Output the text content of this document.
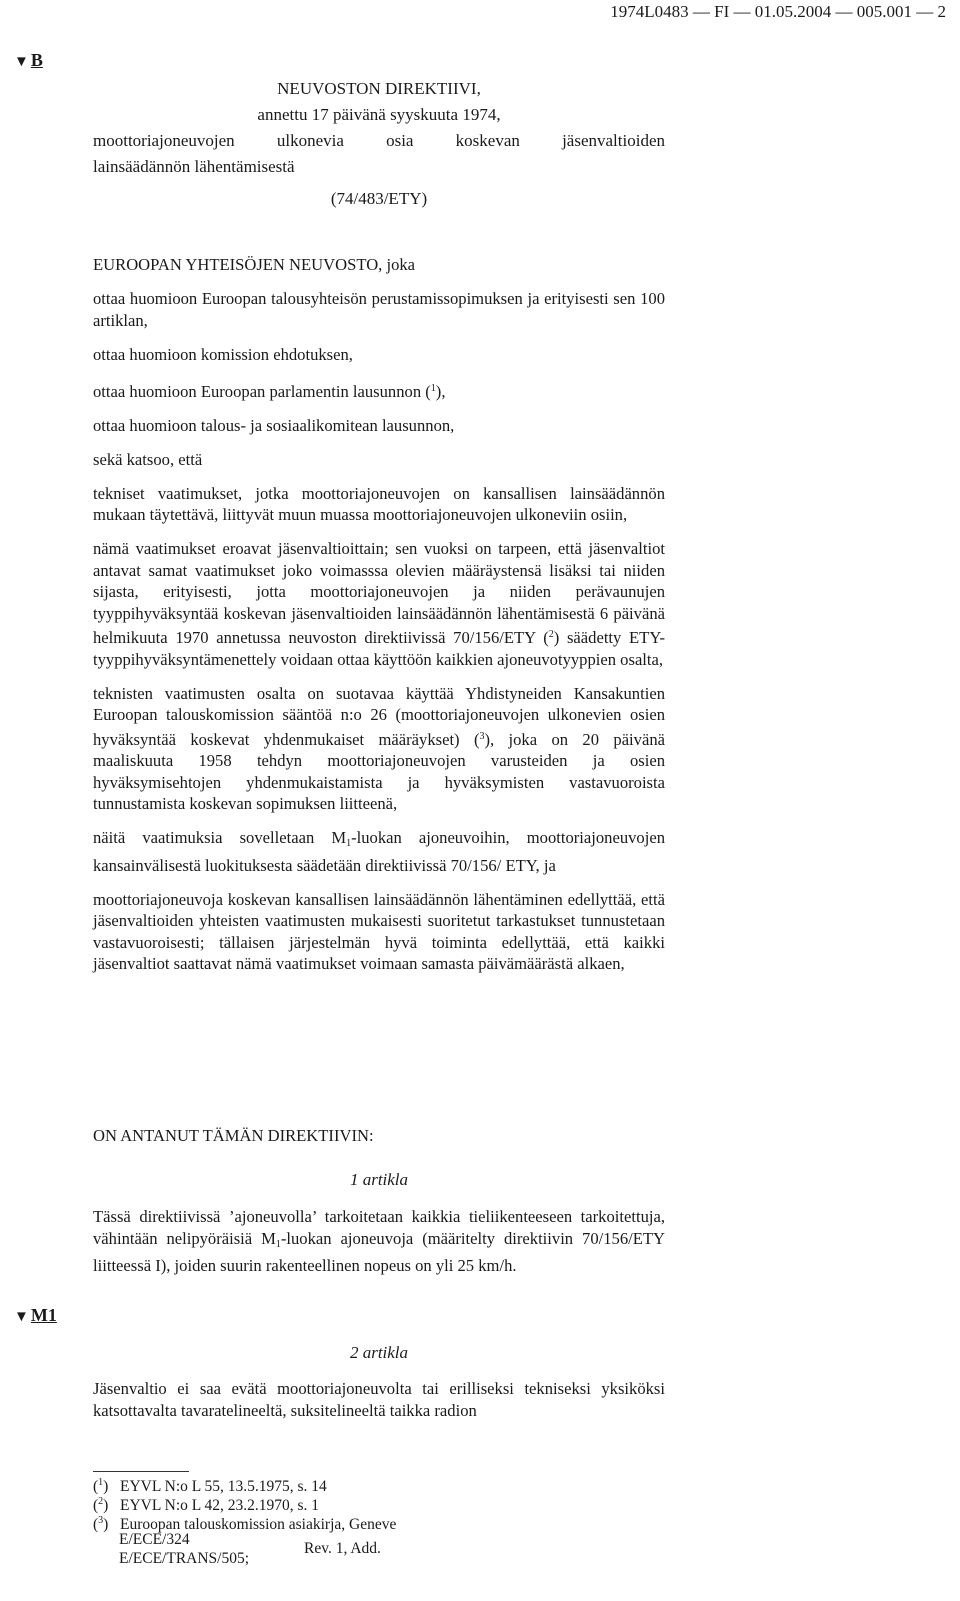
1974L0483 — FI — 01.05.2004 — 005.001 — 2
▼ B
NEUVOSTON DIREKTIIVI,
annettu 17 päivänä syyskuuta 1974,
moottoriajoneuvojen ulkonevia osia koskevan jäsenvaltioiden
lainsäädännön lähentämisestä
(74/483/ETY)

EUROOPAN YHTEISÖJEN NEUVOSTO, joka

ottaa huomioon Euroopan talousyhteisön perustamissopimuksen ja erityisesti sen 100 artiklan,

ottaa huomioon komission ehdotuksen,

ottaa huomioon Euroopan parlamentin lausunnon ($^1$),

ottaa huomioon talous- ja sosiaalikomitean lausunnon,

sekä katsoo, että

tekniset vaatimukset, jotka moottoriajoneuvojen on kansallisen lainsäädännön mukaan täytettävä, liittyvät muun muassa moottoriajoneuvojen ulkoneviin osiin,

nämä vaatimukset eroavat jäsenvaltioittain; sen vuoksi on tarpeen, että jäsenvaltiot antavat samat vaatimukset joko voimasssa olevien määräystensä lisäksi tai niiden sijasta, erityisesti, jotta moottoriajoneuvojen ja niiden perävaunujen tyyppihyväksyntää koskevan jäsenvaltioiden lainsäädännön lähentämisestä 6 päivänä helmikuuta 1970 annetussa neuvoston direktiivissä 70/156/ETY ($^2$) säädetty ETY-tyyppihyväksyntämenettely voidaan ottaa käyttöön kaikkien ajoneuvotyyppien osalta,

teknisten vaatimusten osalta on suotavaa käyttää Yhdistyneiden Kansakuntien Euroopan talouskomission sääntöä n:o 26 (moottoriajoneuvojen ulkonevien osien hyväksyntää koskevat yhdenmukaiset määräykset) ($^3$), joka on 20 päivänä maaliskuuta 1958 tehdyn moottoriajoneuvojen varusteiden ja osien hyväksymisehtojen yhdenmukaistamista ja hyväksymisten vastavuoroista tunnustamista koskevan sopimuksen liitteenä,

näitä vaatimuksia sovelletaan $M_1$-luokan ajoneuvoihin, moottoriajoneuvojen kansainvälisestä luokituksesta säädetään direktiivissä 70/156/ ETY, ja

moottoriajoneuvoja koskevan kansallisen lainsäädännön lähentäminen edellyttää, että jäsenvaltioiden yhteisten vaatimusten mukaisesti suoritetut tarkastukset tunnustetaan vastavuoroisesti; tällaisen järjestelmän hyvä toiminta edellyttää, että kaikki jäsenvaltiot saattavat nämä vaatimukset voimaan samasta päivämäärästä alkaen,

ON ANTANUT TÄMÄN DIREKTIIVIN:
1 artikla
Tässä direktiivissä ’ajoneuvolla’ tarkoitetaan kaikkia tieliikenteeseen tarkoitettuja, vähintään nelipyöräisiä $M_1$-luokan ajoneuvoja (määritelty direktiivin 70/156/ETY liitteessä I), joiden suurin rakenteellinen nopeus on yli 25 km/h.
▼ M1
2 artikla
Jäsenvaltio ei saa evätä moottoriajoneuvolta tai erilliseksi tekniseksi yksiköksi katsottavalta tavaratelineeltä, suksitelineeltä taikka radion
($^1$) EYVL N:o L 55, 13.5.1975, s. 14
($^2$) EYVL N:o L 42, 23.2.1970, s. 1
($^3$) Euroopan talouskomission asiakirja, Geneve
E/ECE/324
E/ECE/TRANS/505;
Rev. 1, Add.
